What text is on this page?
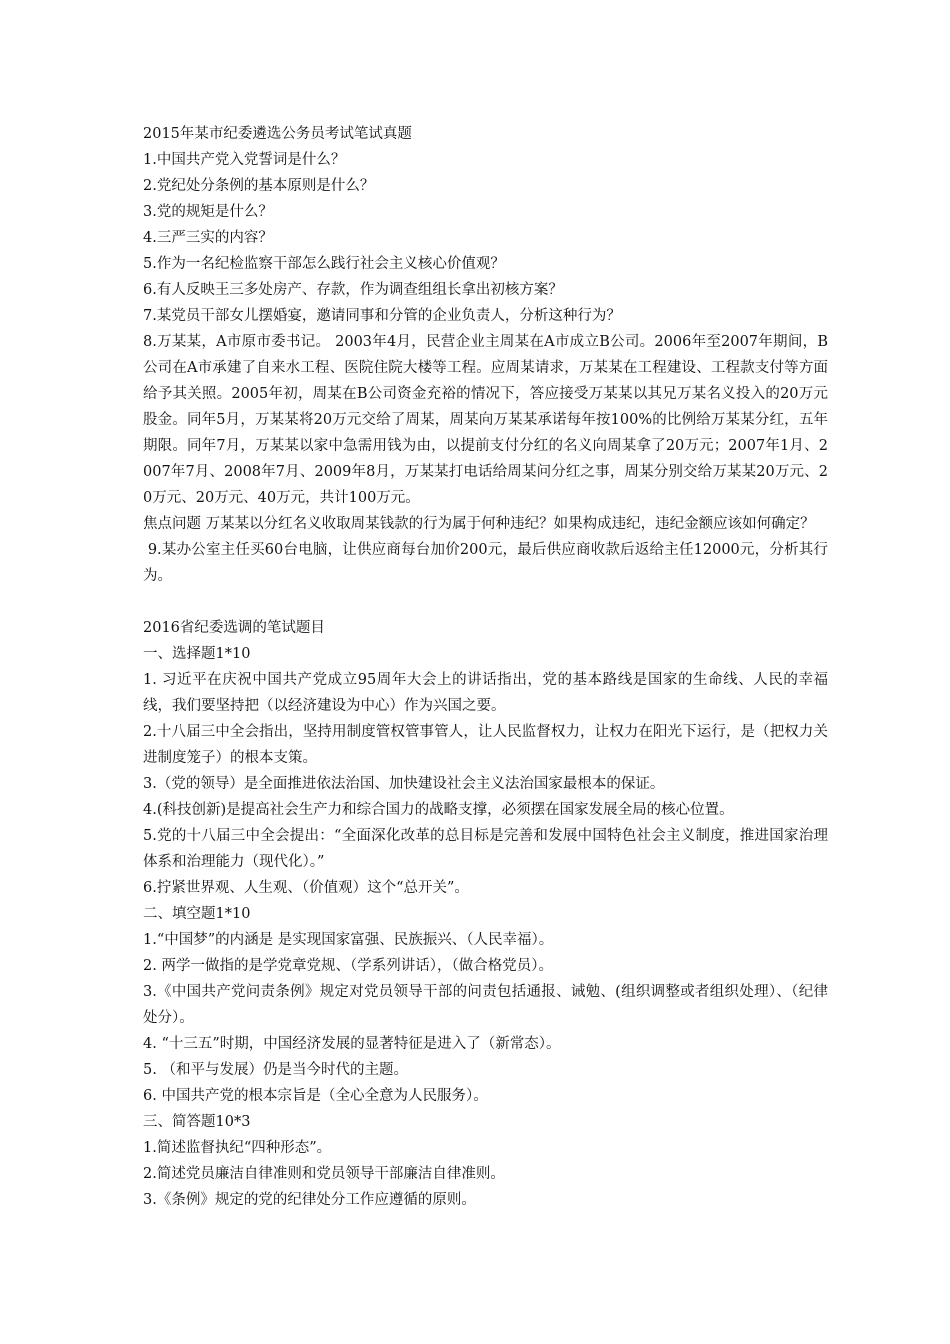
2015年某市纪委遴选公务员考试笔试真题
1.中国共产党入党誓词是什么？
2.党纪处分条例的基本原则是什么？
3.党的规矩是什么？
4.三严三实的内容？
5.作为一名纪检监察干部怎么践行社会主义核心价值观？
6.有人反映王三多处房产、存款，作为调查组组长拿出初核方案？
7.某党员干部女儿摆婚宴，邀请同事和分管的企业负责人，分析这种行为？
8.万某某，A市原市委书记。 2003年4月，民营企业主周某在A市成立B公司。2006年至2007年期间，B公司在A市承建了自来水工程、医院住院大楼等工程。应周某请求，万某某在工程建设、工程款支付等方面给予其关照。2005年初，周某在B公司资金充裕的情况下，答应接受万某某以其兄万某名义投入的20万元股金。同年5月，万某某将20万元交给了周某，周某向万某某承诺每年按100%的比例给万某某分红，五年期限。同年7月，万某某以家中急需用钱为由，以提前支付分红的名义向周某拿了20万元；2007年1月、2007年7月、2008年7月、2009年8月，万某某打电话给周某问分红之事，周某分别交给万某某20万元、20万元、20万元、40万元，共计100万元。
焦点问题 万某某以分红名义收取周某钱款的行为属于何种违纪？如果构成违纪，违纪金额应该如何确定？
9.某办公室主任买60台电脑，让供应商每台加价200元，最后供应商收款后返给主任12000元，分析其行为。
2016省纪委选调的笔试题目
一、选择题1*10
1. 习近平在庆祝中国共产党成立95周年大会上的讲话指出，党的基本路线是国家的生命线、人民的幸福线，我们要坚持把（以经济建设为中心）作为兴国之要。
2.十八届三中全会指出，坚持用制度管权管事管人，让人民监督权力，让权力在阳光下运行，是（把权力关进制度笼子）的根本支策。
3.（党的领导）是全面推进依法治国、加快建设社会主义法治国家最根本的保证。
4.(科技创新)是提高社会生产力和综合国力的战略支撑，必须摆在国家发展全局的核心位置。
5.党的十八届三中全会提出：“全面深化改革的总目标是完善和发展中国特色社会主义制度，推进国家治理体系和治理能力（现代化）。”
6.拧紧世界观、人生观、（价值观）这个“总开关”。
二、填空题1*10
1.“中国梦”的内涵是 是实现国家富强、民族振兴、（人民幸福）。
2. 两学一做指的是学党章党规、（学系列讲话），（做合格党员）。
3.《中国共产党问责条例》规定对党员领导干部的问责包括通报、诫勉、(组织调整或者组织处理）、（纪律处分）。
4. “十三五”时期，中国经济发展的显著特征是进入了（新常态）。
5. （和平与发展）仍是当今时代的主题。
6. 中国共产党的根本宗旨是（全心全意为人民服务）。
三、简答题10*3
1.简述监督执纪“四种形态”。
2.简述党员廉洁自律准则和党员领导干部廉洁自律准则。
3.《条例》规定的党的纪律处分工作应遵循的原则。
